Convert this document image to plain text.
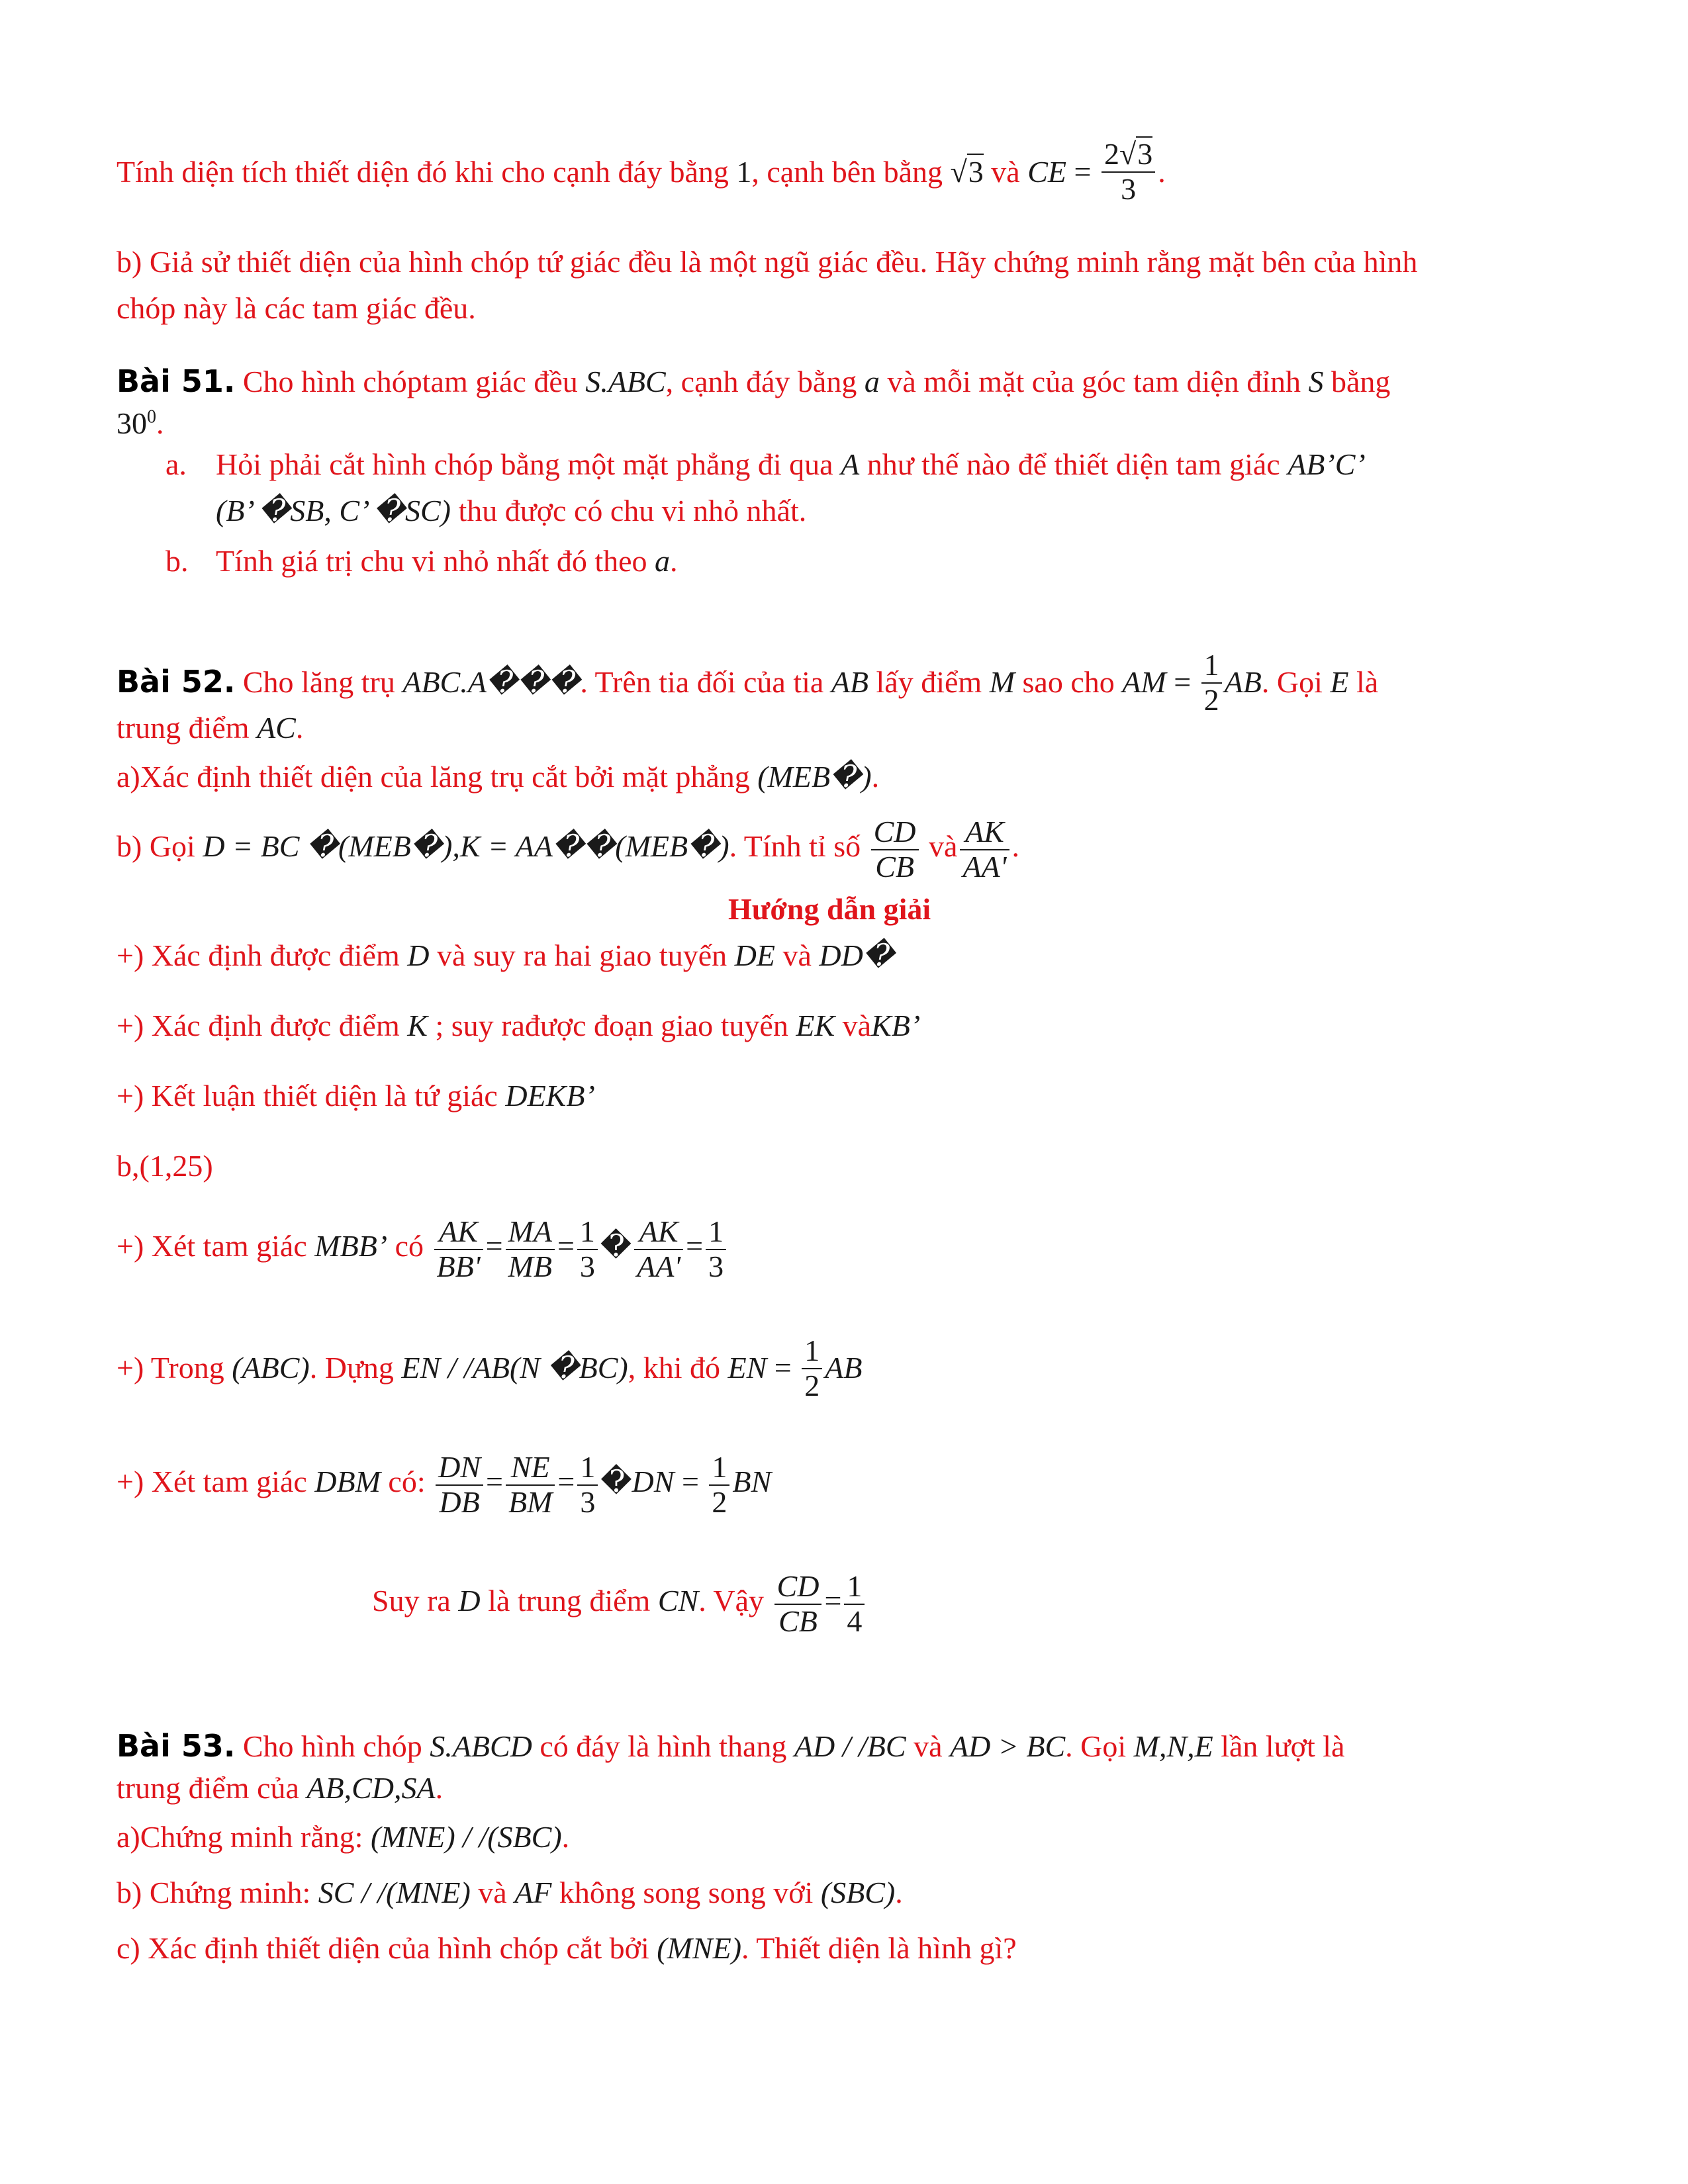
Tính diện tích thiết diện đó khi cho cạnh đáy bằng 1, cạnh bên bằng √3 và CE = $\frac{2√3}{3}$ .
b) Giả sử thiết diện của hình chóp tứ giác đều là một ngũ giác đều. Hãy chứng minh rằng mặt bên của hình
chóp này là các tam giác đều.
Bài 51. Cho hình chóptam giác đều S.ABC, cạnh đáy bằng a và mỗi mặt của góc tam diện đỉnh S bằng
$30^0$.
a. Hỏi phải cắt hình chóp bằng một mặt phẳng đi qua A như thế nào để thiết diện tam giác AB’C’
(B’ �SB, C’ �SC) thu được có chu vi nhỏ nhất.
b. Tính giá trị chu vi nhỏ nhất đó theo a.
Bài 52. Cho lăng trụ ABC.A���. Trên tia đối của tia AB lấy điểm M sao cho AM = $\frac{1}{2}$ AB. Gọi E là
trung điểm AC.
a)Xác định thiết diện của lăng trụ cắt bởi mặt phẳng (MEB�).
b) Gọi D = BC �(MEB�),K = AA��(MEB�). Tính tỉ số $\frac{CD}{CB}$ và $\frac{AK}{AA'}$ .
Hướng dẫn giải
+) Xác định được điểm D và suy ra hai giao tuyến DE và DD�
+) Xác định được điểm K ; suy rađược đoạn giao tuyến EK vàKB’
+) Kết luận thiết diện là tứ giác DEKB’
b,(1,25)
+) Xét tam giác MBB’ có $\frac{AK}{BB'} = \frac{MA}{MB} = \frac{1}{3}$ � $\frac{AK}{AA'} = \frac{1}{3}$
+) Trong (ABC). Dựng EN / /AB(N �BC), khi đó EN = $\frac{1}{2}$ AB
+) Xét tam giác DBM có: $\frac{DN}{DB} = \frac{NE}{BM} = \frac{1}{3}$ �DN = $\frac{1}{2}$ BN
Suy ra D là trung điểm CN. Vậy $\frac{CD}{CB} = \frac{1}{4}$
Bài 53. Cho hình chóp S.ABCD có đáy là hình thang AD / /BC và AD > BC. Gọi M,N,E lần lượt là
trung điểm của AB,CD,SA.
a)Chứng minh rằng: (MNE) / /(SBC).
b) Chứng minh: SC / /(MNE) và AF không song song với (SBC).
c) Xác định thiết diện của hình chóp cắt bởi (MNE). Thiết diện là hình gì?
